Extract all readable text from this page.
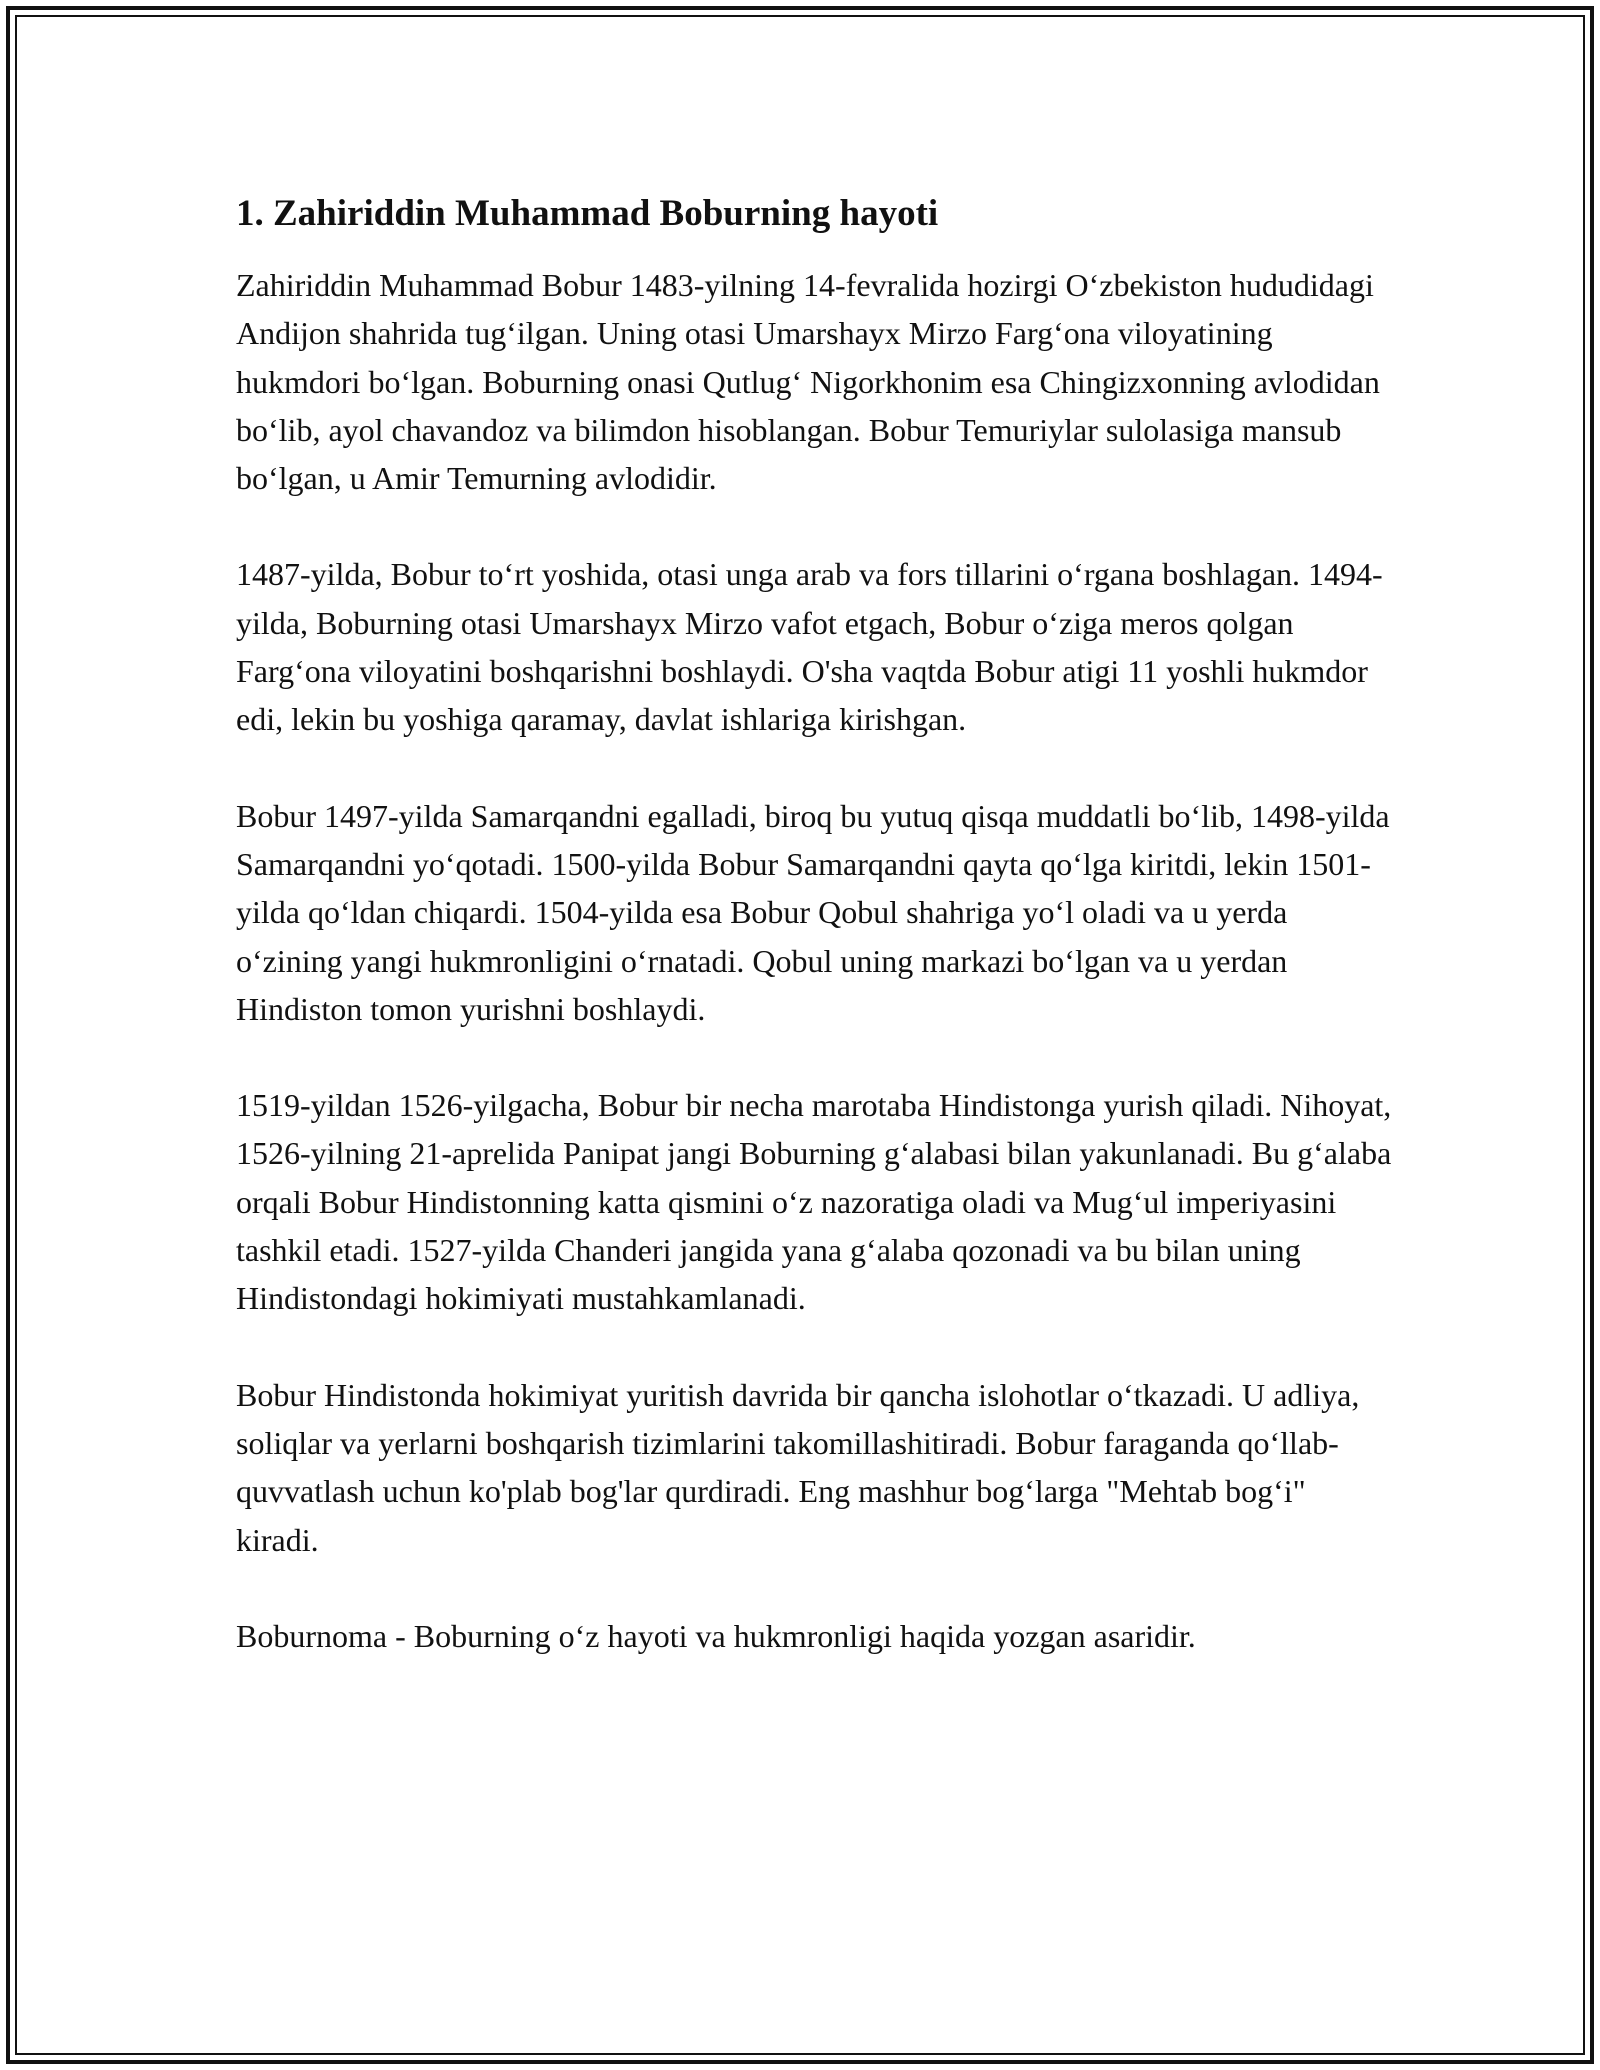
1. Zahiriddin Muhammad Boburning hayoti

Zahiriddin Muhammad Bobur 1483-yilning 14-fevralida hozirgi O‘zbekiston hududidagi Andijon shahrida tug‘ilgan. Uning otasi Umarshayx Mirzo Farg‘ona viloyatining hukmdori bo‘lgan. Boburning onasi Qutlug‘ Nigorkhonim esa Chingizxonning avlodidan bo‘lib, ayol chavandoz va bilimdon hisoblangan. Bobur Temuriylar sulolasiga mansub bo‘lgan, u Amir Temurning avlodidir.

1487-yilda, Bobur to‘rt yoshida, otasi unga arab va fors tillarini o‘rgana boshlagan. 1494-yilda, Boburning otasi Umarshayx Mirzo vafot etgach, Bobur o‘ziga meros qolgan Farg‘ona viloyatini boshqarishni boshlaydi. O'sha vaqtda Bobur atigi 11 yoshli hukmdor edi, lekin bu yoshiga qaramay, davlat ishlariga kirishgan.

Bobur 1497-yilda Samarqandni egalladi, biroq bu yutuq qisqa muddatli bo‘lib, 1498-yilda Samarqandni yo‘qotadi. 1500-yilda Bobur Samarqandni qayta qo‘lga kiritdi, lekin 1501-yilda qo‘ldan chiqardi. 1504-yilda esa Bobur Qobul shahriga yo‘l oladi va u yerda o‘zining yangi hukmronligini o‘rnatadi. Qobul uning markazi bo‘lgan va u yerdan Hindiston tomon yurishni boshlaydi.

1519-yildan 1526-yilgacha, Bobur bir necha marotaba Hindistonga yurish qiladi. Nihoyat, 1526-yilning 21-aprelida Panipat jangi Boburning g‘alabasi bilan yakunlanadi. Bu g‘alaba orqali Bobur Hindistonning katta qismini o‘z nazoratiga oladi va Mug‘ul imperiyasini tashkil etadi. 1527-yilda Chanderi jangida yana g‘alaba qozonadi va bu bilan uning Hindistondagi hokimiyati mustahkamlanadi.

Bobur Hindistonda hokimiyat yuritish davrida bir qancha islohotlar o‘tkazadi. U adliya, soliqlar va yerlarni boshqarish tizimlarini takomillashitiradi. Bobur faraganda qo‘llab-quvvatlash uchun ko'plab bog'lar qurdiradi. Eng mashhur bog‘larga "Mehtab bog‘i" kiradi.

Boburnoma - Boburning o‘z hayoti va hukmronligi haqida yozgan asaridir.
